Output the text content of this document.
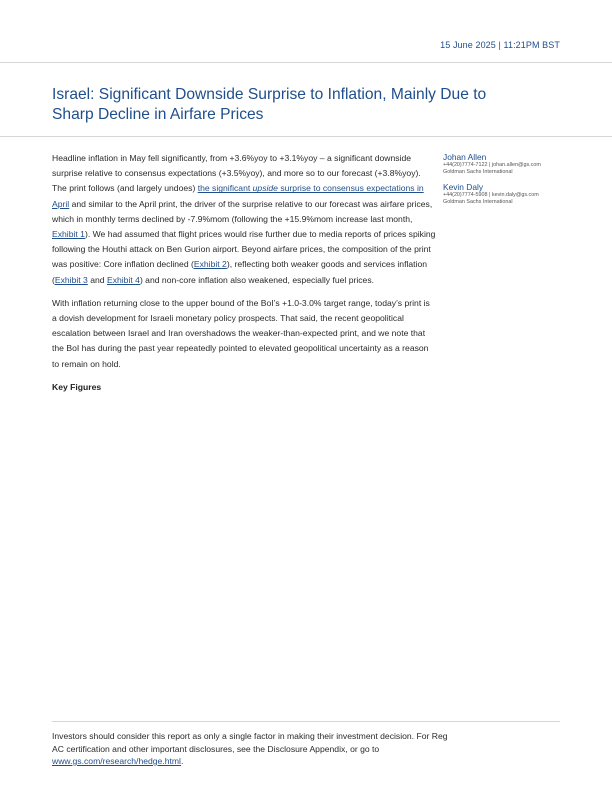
15 June 2025 | 11:21PM BST
Israel: Significant Downside Surprise to Inflation, Mainly Due to Sharp Decline in Airfare Prices

Headline inflation in May fell significantly, from +3.6%yoy to +3.1%yoy – a significant downside surprise relative to consensus expectations (+3.5%yoy), and more so to our forecast (+3.8%yoy). The print follows (and largely undoes) the significant upside surprise to consensus expectations in April and similar to the April print, the driver of the surprise relative to our forecast was airfare prices, which in monthly terms declined by -7.9%mom (following the +15.9%mom increase last month, Exhibit 1). We had assumed that flight prices would rise further due to media reports of prices spiking following the Houthi attack on Ben Gurion airport. Beyond airfare prices, the composition of the print was positive: Core inflation declined (Exhibit 2), reflecting both weaker goods and services inflation (Exhibit 3 and Exhibit 4) and non-core inflation also weakened, especially fuel prices.

With inflation returning close to the upper bound of the BoI’s +1.0-3.0% target range, today’s print is a dovish development for Israeli monetary policy prospects. That said, the recent geopolitical escalation between Israel and Iran overshadows the weaker-than-expected print, and we note that the BoI has during the past year repeatedly pointed to elevated geopolitical uncertainty as a reason to remain on hold.

Key Figures
Johan Allen
+44(20)7774-7122 | johan.allen@gs.com
Goldman Sachs International
Kevin Daly
+44(20)7774-5908 | kevin.daly@gs.com
Goldman Sachs International
Investors should consider this report as only a single factor in making their investment decision. For Reg AC certification and other important disclosures, see the Disclosure Appendix, or go to www.gs.com/research/hedge.html.
